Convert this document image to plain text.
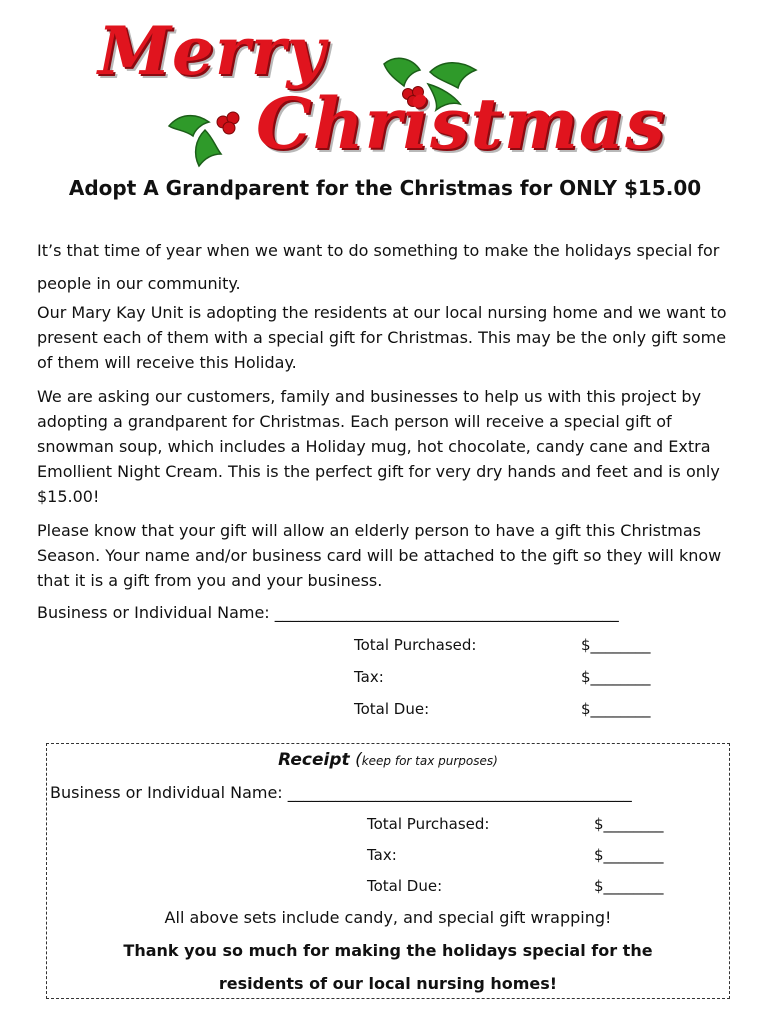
Merry

Christmas

Adopt A Grandparent for the Christmas for ONLY $15.00

It’s that time of year when we want to do something to make the holidays special for people in our community.

Our Mary Kay Unit is adopting the residents at our local nursing home and we want to present each of them with a special gift for Christmas. This may be the only gift some of them will receive this Holiday.

We are asking our customers, family and businesses to help us with this project by adopting a grandparent for Christmas. Each person will receive a special gift of snowman soup, which includes a Holiday mug, hot chocolate, candy cane and Extra Emollient Night Cream. This is the perfect gift for very dry hands and feet and is only $15.00!

Please know that your gift will allow an elderly person to have a gift this Christmas Season. Your name and/or business card will be attached to the gift so they will know that it is a gift from you and your business.

Business or Individual Name: ___________________________________________
Total Purchased:	$________
Tax:	$________
Total Due:	$________

Receipt (keep for tax purposes)

Business or Individual Name: ___________________________________________
Total Purchased:	$________
Tax:	$________
Total Due:	$________

All above sets include candy, and special gift wrapping!

Thank you so much for making the holidays special for the

residents of our local nursing homes!
